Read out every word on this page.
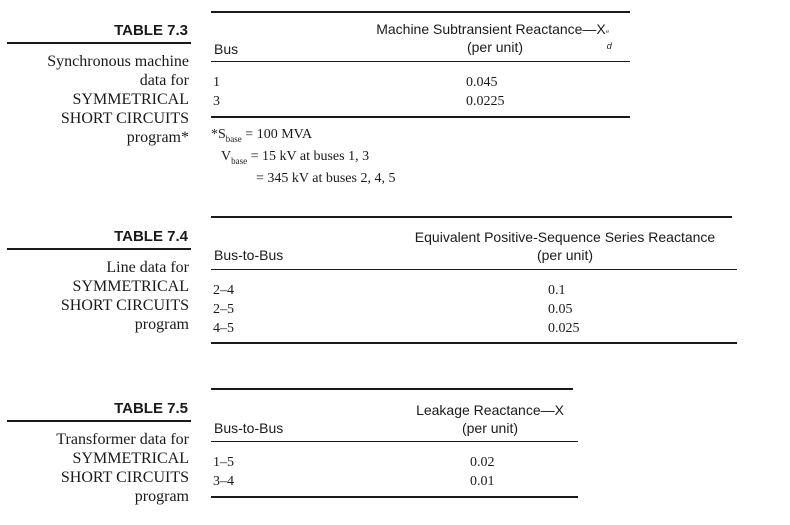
TABLE 7.3
Synchronous machine
data for
SYMMETRICAL
SHORT CIRCUITS
program*
Bus
Machine Subtransient Reactance—X ″
d
(per unit)
1	0.045
3	0.0225
$*S_{base} = 100$ MVA
$V_{base} = 15$ kV at buses 1, 3
= 345 kV at buses 2, 4, 5
TABLE 7.4
Line data for
SYMMETRICAL
SHORT CIRCUITS
program
Bus-to-Bus
Equivalent Positive-Sequence Series Reactance
(per unit)
2–4	0.1
2–5	0.05
4–5	0.025
TABLE 7.5
Transformer data for
SYMMETRICAL
SHORT CIRCUITS
program
Bus-to-Bus
Leakage Reactance—X
(per unit)
1–5	0.02
3–4	0.01
